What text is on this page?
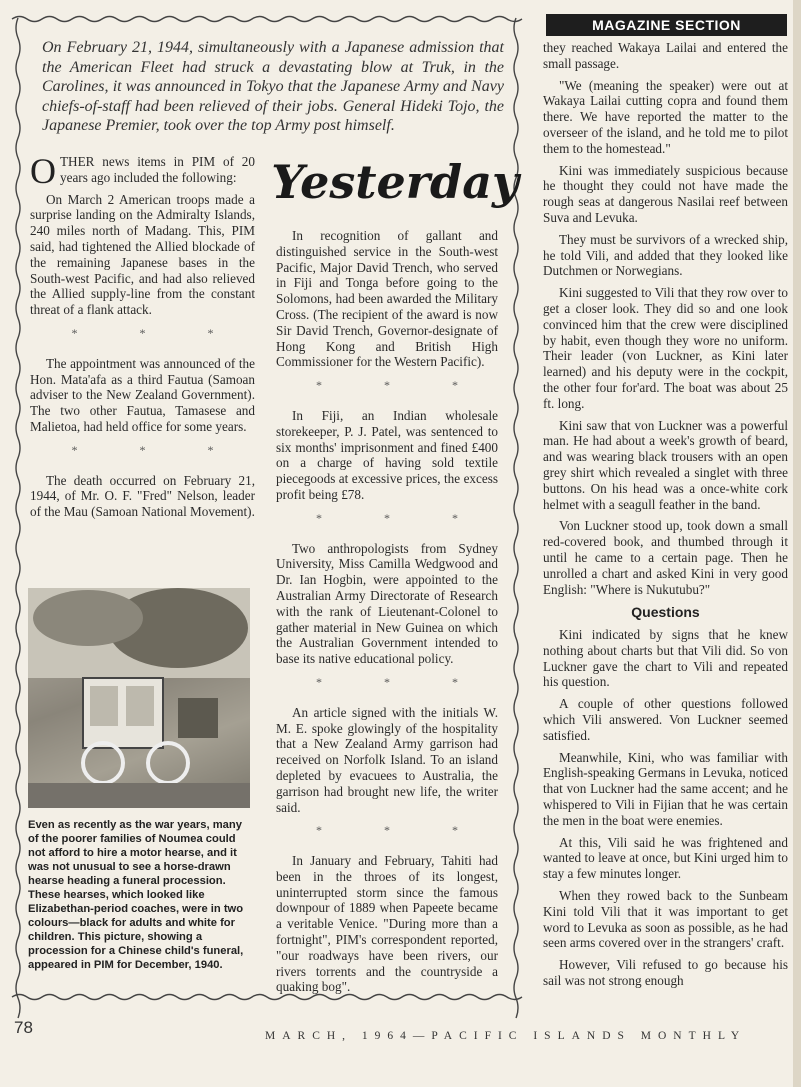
On February 21, 1944, simultaneously with a Japanese admission that the American Fleet had struck a devastating blow at Truk, in the Carolines, it was announced in Tokyo that the Japanese Army and Navy chiefs-of-staff had been relieved of their jobs. General Hideki Tojo, the Japanese Premier, took over the top Army post himself.
Yesterday

OTHER news items in PIM of 20 years ago included the following:

On March 2 American troops made a surprise landing on the Admiralty Islands, 240 miles north of Madang. This, PIM said, had tightened the Allied blockade of the remaining Japanese bases in the South-west Pacific, and had also relieved the Allied supply-line from the constant threat of a flank attack.

*	*	*

The appointment was announced of the Hon. Mata'afa as a third Fautua (Samoan adviser to the New Zealand Government). The two other Fautua, Tamasese and Malietoa, had held office for some years.

*	*	*

The death occurred on February 21, 1944, of Mr. O. F. "Fred" Nelson, leader of the Mau (Samoan National Movement).

Even as recently as the war years, many of the poorer families of Noumea could not afford to hire a motor hearse, and it was not unusual to see a horse-drawn hearse heading a funeral procession. These hearses, which looked like Elizabethan-period coaches, were in two colours—black for adults and white for children. This picture, showing a procession for a Chinese child's funeral, appeared in PIM for December, 1940.

In recognition of gallant and distinguished service in the South-west Pacific, Major David Trench, who served in Fiji and Tonga before going to the Solomons, had been awarded the Military Cross. (The recipient of the award is now Sir David Trench, Governor-designate of Hong Kong and British High Commissioner for the Western Pacific).

*	*	*

In Fiji, an Indian wholesale storekeeper, P. J. Patel, was sentenced to six months' imprisonment and fined £400 on a charge of having sold textile piecegoods at excessive prices, the excess profit being £78.

*	*	*

Two anthropologists from Sydney University, Miss Camilla Wedgwood and Dr. Ian Hogbin, were appointed to the Australian Army Directorate of Research with the rank of Lieutenant-Colonel to gather material in New Guinea on which the Australian Government intended to base its native educational policy.

*	*	*

An article signed with the initials W. M. E. spoke glowingly of the hospitality that a New Zealand Army garrison had received on Norfolk Island. To an island depleted by evacuees to Australia, the garrison had brought new life, the writer said.

*	*	*

In January and February, Tahiti had been in the throes of its longest, uninterrupted storm since the famous downpour of 1889 when Papeete became a veritable Venice. "During more than a fortnight", PIM's correspondent reported, "our roadways have been rivers, our rivers torrents and the countryside a quaking bog".

MAGAZINE SECTION

they reached Wakaya Lailai and entered the small passage.

"We (meaning the speaker) were out at Wakaya Lailai cutting copra and found them there. We have reported the matter to the overseer of the island, and he told me to pilot them to the homestead."

Kini was immediately suspicious because he thought they could not have made the rough seas at dangerous Nasilai reef between Suva and Levuka.

They must be survivors of a wrecked ship, he told Vili, and added that they looked like Dutchmen or Norwegians.

Kini suggested to Vili that they row over to get a closer look. They did so and one look convinced him that the crew were disciplined by habit, even though they wore no uniform. Their leader (von Luckner, as Kini later learned) and his deputy were in the cockpit, the other four for'ard. The boat was about 25 ft. long.

Kini saw that von Luckner was a powerful man. He had about a week's growth of beard, and was wearing black trousers with an open grey shirt which revealed a singlet with three buttons. On his head was a once-white cork helmet with a seagull feather in the band.

Von Luckner stood up, took down a small red-covered book, and thumbed through it until he came to a certain page. Then he unrolled a chart and asked Kini in very good English: "Where is Nukutubu?"

Questions

Kini indicated by signs that he knew nothing about charts but that Vili did. So von Luckner gave the chart to Vili and repeated his question.

A couple of other questions followed which Vili answered. Von Luckner seemed satisfied.

Meanwhile, Kini, who was familiar with English-speaking Germans in Levuka, noticed that von Luckner had the same accent; and he whispered to Vili in Fijian that he was certain the men in the boat were enemies.

At this, Vili said he was frightened and wanted to leave at once, but Kini urged him to stay a few minutes longer.

When they rowed back to the Sunbeam Kini told Vili that it was important to get word to Levuka as soon as possible, as he had seen arms covered over in the strangers' craft.

However, Vili refused to go because his sail was not strong enough

78	MARCH, 1964—PACIFIC ISLANDS MONTHLY
